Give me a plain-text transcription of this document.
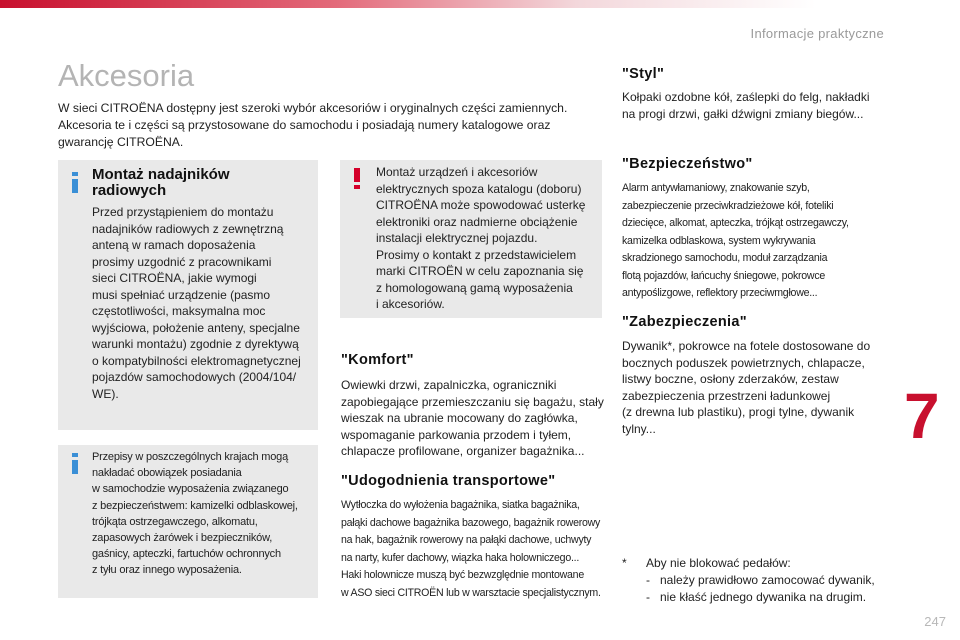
Informacje praktyczne
Akcesoria
W sieci CITROËNA dostępny jest szeroki wybór akcesoriów i oryginalnych części zamiennych.
Akcesoria te i części są przystosowane do samochodu i posiadają numery katalogowe oraz
gwarancję CITROËNA.
Montaż nadajników
radiowych
Przed przystąpieniem do montażu
nadajników radiowych z zewnętrzną
anteną w ramach doposażenia
prosimy uzgodnić z pracownikami
sieci CITROËNA, jakie wymogi
musi spełniać urządzenie (pasmo
częstotliwości, maksymalna moc
wyjściowa, położenie anteny, specjalne
warunki montażu) zgodnie z dyrektywą
o kompatybilności elektromagnetycznej
pojazdów samochodowych (2004/104/
WE).
Przepisy w poszczególnych krajach mogą
nakładać obowiązek posiadania
w samochodzie wyposażenia związanego
z bezpieczeństwem: kamizelki odblaskowej,
trójkąta ostrzegawczego, alkomatu,
zapasowych żarówek i bezpieczników,
gaśnicy, apteczki, fartuchów ochronnych
z tyłu oraz innego wyposażenia.
Montaż urządzeń i akcesoriów
elektrycznych spoza katalogu (doboru)
CITROËNA może spowodować usterkę
elektroniki oraz nadmierne obciążenie
instalacji elektrycznej pojazdu.
Prosimy o kontakt z przedstawicielem
marki CITROËN w celu zapoznania się
z homologowaną gamą wyposażenia
i akcesoriów.
"Komfort"
Owiewki drzwi, zapalniczka, ograniczniki
zapobiegające przemieszczaniu się bagażu, stały
wieszak na ubranie mocowany do zagłówka,
wspomaganie parkowania przodem i tyłem,
chlapacze profilowane, organizer bagażnika...
"Udogodnienia transportowe"
Wytłoczka do wyłożenia bagażnika, siatka bagażnika,
pałąki dachowe bagażnika bazowego, bagażnik rowerowy
na hak, bagażnik rowerowy na pałąki dachowe, uchwyty
na narty, kufer dachowy, wiązka haka holowniczego...
Haki holownicze muszą być bezwzględnie montowane
w ASO sieci CITROËN lub w warsztacie specjalistycznym.
"Styl"
Kołpaki ozdobne kół, zaślepki do felg, nakładki
na progi drzwi, gałki dźwigni zmiany biegów...
"Bezpieczeństwo"
Alarm antywłamaniowy, znakowanie szyb,
zabezpieczenie przeciwkradzieżowe kół, foteliki
dziecięce, alkomat, apteczka, trójkąt ostrzegawczy,
kamizelka odblaskowa, system wykrywania
skradzionego samochodu, moduł zarządzania
flotą pojazdów, łańcuchy śniegowe, pokrowce
antypoślizgowe, reflektory przeciwmgłowe...
"Zabezpieczenia"
Dywanik*, pokrowce na fotele dostosowane do
bocznych poduszek powietrznych, chlapacze,
listwy boczne, osłony zderzaków, zestaw
zabezpieczenia przestrzeni ładunkowej
(z drewna lub plastiku), progi tylne, dywanik
tylny...	7
* Aby nie blokować pedałów:
- należy prawidłowo zamocować dywanik,
- nie kłaść jednego dywanika na drugim.
247
